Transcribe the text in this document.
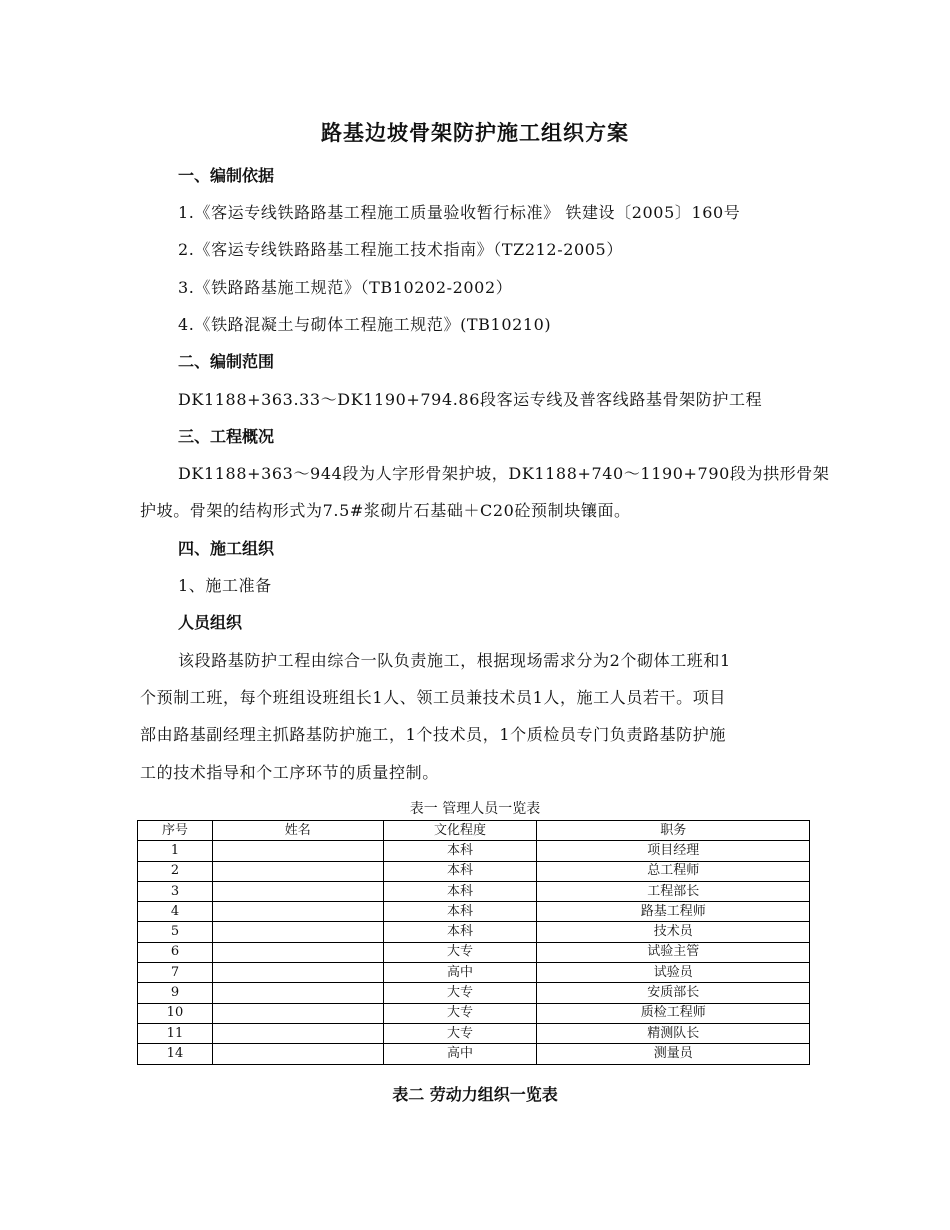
路基边坡骨架防护施工组织方案
一、编制依据
1.《客运专线铁路路基工程施工质量验收暂行标准》 铁建设〔2005〕160号
2.《客运专线铁路路基工程施工技术指南》（TZ212-2005）
3.《铁路路基施工规范》（TB10202-2002）
4.《铁路混凝土与砌体工程施工规范》(TB10210)
二、编制范围
DK1188+363.33～DK1190+794.86段客运专线及普客线路基骨架防护工程
三、工程概况
DK1188+363～944段为人字形骨架护坡，DK1188+740～1190+790段为拱形骨架
护坡。骨架的结构形式为7.5#浆砌片石基础＋C20砼预制块镶面。
四、施工组织
1、施工准备
人员组织
该段路基防护工程由综合一队负责施工，根据现场需求分为2个砌体工班和1
个预制工班，每个班组设班组长1人、领工员兼技术员1人，施工人员若干。项目
部由路基副经理主抓路基防护施工，1个技术员，1个质检员专门负责路基防护施
工的技术指导和个工序环节的质量控制。
表一 管理人员一览表
序号	姓名	文化程度	职务
1		本科	项目经理
2		本科	总工程师
3		本科	工程部长
4		本科	路基工程师
5		本科	技术员
6		大专	试验主管
7		高中	试验员
9		大专	安质部长
10		大专	质检工程师
11		大专	精测队长
14		高中	测量员
表二 劳动力组织一览表
